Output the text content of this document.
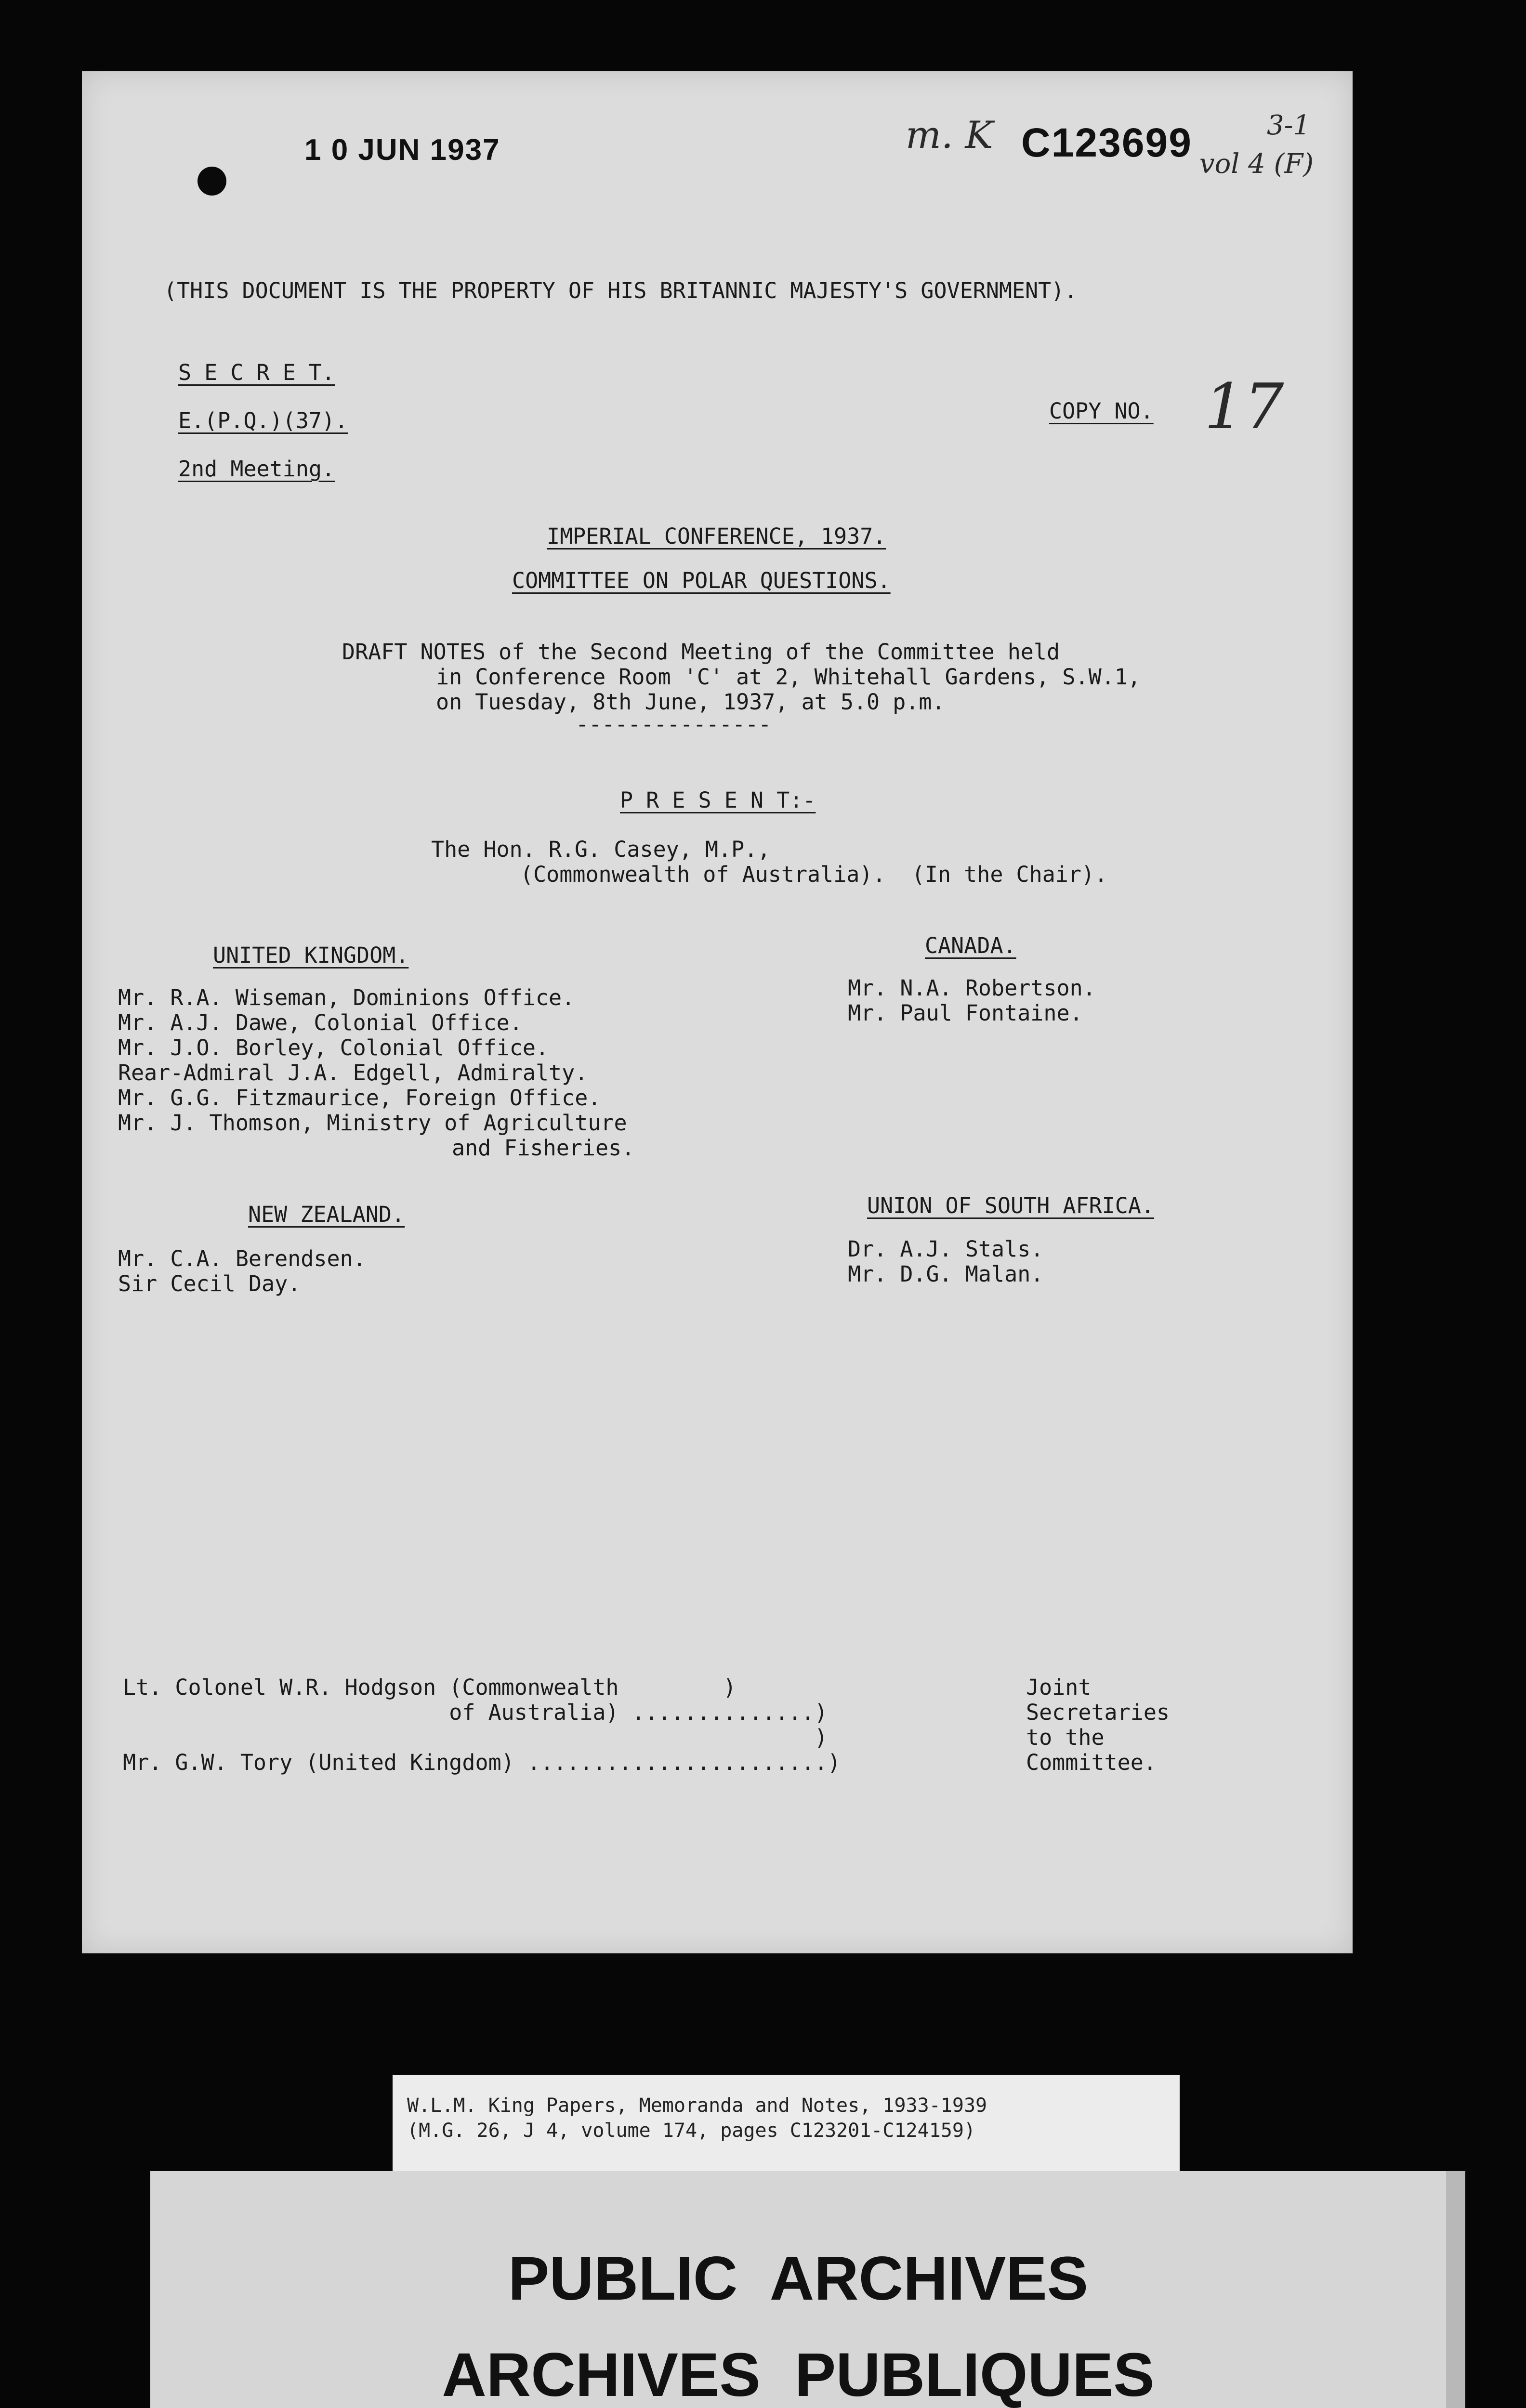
1 0 JUN 1937	m. K C123699	3-1
vol 4 (F)
(THIS DOCUMENT IS THE PROPERTY OF HIS BRITANNIC MAJESTY'S GOVERNMENT).
S E C R E T.
E.(P.Q.)(37).
2nd Meeting.
COPY NO. 17
IMPERIAL CONFERENCE, 1937.
COMMITTEE ON POLAR QUESTIONS.
DRAFT NOTES of the Second Meeting of the Committee held
in Conference Room 'C' at 2, Whitehall Gardens, S.W.1,
on Tuesday, 8th June, 1937, at 5.0 p.m.
---------------
P R E S E N T:-
The Hon. R.G. Casey, M.P.,
(Commonwealth of Australia).  (In the Chair).
UNITED KINGDOM.
Mr. R.A. Wiseman, Dominions Office.
Mr. A.J. Dawe, Colonial Office.
Mr. J.O. Borley, Colonial Office.
Rear-Admiral J.A. Edgell, Admiralty.
Mr. G.G. Fitzmaurice, Foreign Office.
Mr. J. Thomson, Ministry of Agriculture
and Fisheries.
CANADA.
Mr. N.A. Robertson.
Mr. Paul Fontaine.
NEW ZEALAND.
Mr. C.A. Berendsen.
Sir Cecil Day.
UNION OF SOUTH AFRICA.
Dr. A.J. Stals.
Mr. D.G. Malan.
Lt. Colonel W.R. Hodgson (Commonwealth        )
of Australia) ..............)
)
Mr. G.W. Tory (United Kingdom) .......................)
Joint
Secretaries
to the
Committee.
W.L.M. King Papers, Memoranda and Notes, 1933-1939
(M.G. 26, J 4, volume 174, pages C123201-C124159)
PUBLIC  ARCHIVES
ARCHIVES  PUBLIQUES
